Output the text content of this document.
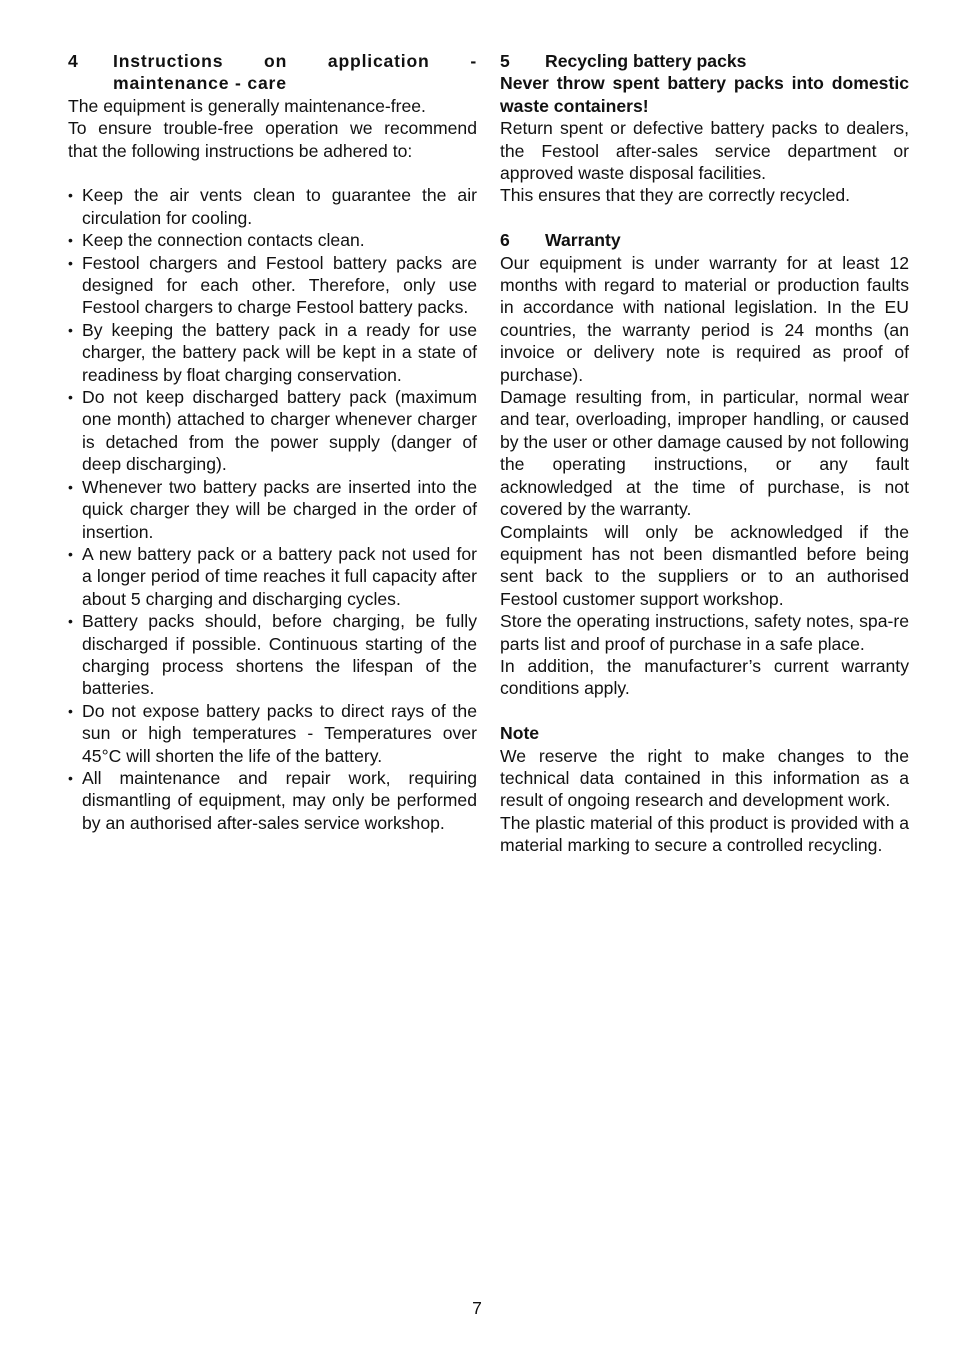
4	Instructions on application - maintenance - care

The equipment is generally maintenance-free.

To ensure trouble-free operation we recommend that the following instructions be adhered to:

• Keep the air vents clean to guarantee the air circulation for cooling.
• Keep the connection contacts clean.
• Festool chargers and Festool battery packs are designed for each other. Therefore, only use Festool chargers to charge Festool battery packs.
• By keeping the battery pack in a ready for use charger, the battery pack will be kept in a state of readiness by float charging conservation.
• Do not keep discharged battery pack (maximum one month) attached to charger whenever charger is detached from the power supply (danger of deep discharging).
• Whenever two battery packs are inserted into the quick charger they will be charged in the order of insertion.
• A new battery pack or a battery pack not used for a longer period of time reaches it full capacity after about 5 charging and discharging cycles.
• Battery packs should, before charging, be fully discharged if possible. Continuous starting of the charging process shortens the lifespan of the batteries.
• Do not expose battery packs to direct rays of the sun or high temperatures - Temperatures over 45°C will shorten the life of the battery.
• All maintenance and repair work, requiring dismantling of equipment, may only be performed by an authorised after-sales service workshop.
5	Recycling battery packs

Never throw spent battery packs into domestic waste containers!

Return spent or defective battery packs to dealers, the Festool after-sales service department or approved waste disposal facilities.

This ensures that they are correctly recycled.

6	Warranty

Our equipment is under warranty for at least 12 months with regard to material or production faults in accordance with national legislation. In the EU countries, the warranty period is 24 months (an invoice or delivery note is required as proof of purchase).

Damage resulting from, in particular, normal wear and tear, overloading, improper handling, or caused by the user or other damage caused by not following the operating instructions, or any fault acknowledged at the time of purchase, is not covered by the warranty.

Complaints will only be acknowledged if the equipment has not been dismantled before being sent back to the suppliers or to an authorised Festool customer support workshop.

Store the operating instructions, safety notes, spa-re parts list and proof of purchase in a safe place.

In addition, the manufacturer’s current warranty conditions apply.

Note

We reserve the right to make changes to the technical data contained in this information as a result of ongoing research and development work.

The plastic material of this product is provided with a material marking to secure a controlled recycling.

7
